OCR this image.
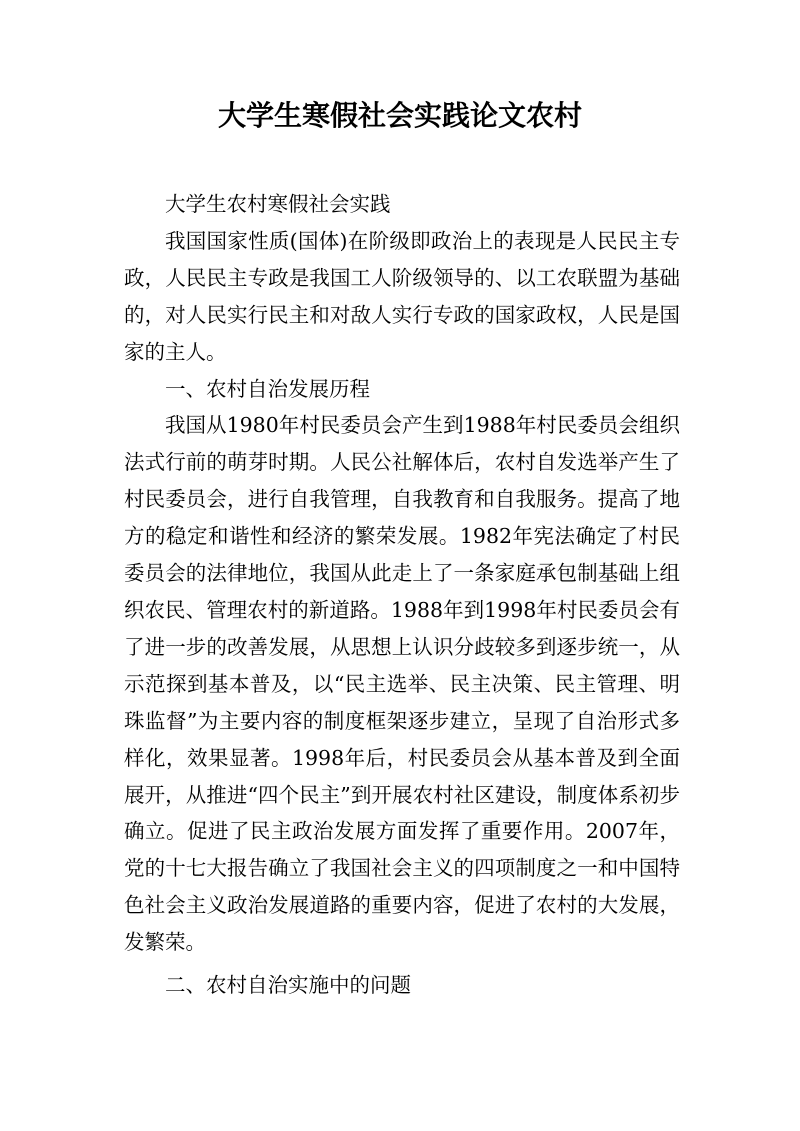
大学生寒假社会实践论文农村

大学生农村寒假社会实践

我国国家性质(国体)在阶级即政治上的表现是人民民主专政，人民民主专政是我国工人阶级领导的、以工农联盟为基础的，对人民实行民主和对敌人实行专政的国家政权，人民是国家的主人。

一、农村自治发展历程

我国从1980年村民委员会产生到1988年村民委员会组织法式行前的萌芽时期。人民公社解体后，农村自发选举产生了村民委员会，进行自我管理，自我教育和自我服务。提高了地方的稳定和谐性和经济的繁荣发展。1982年宪法确定了村民委员会的法律地位，我国从此走上了一条家庭承包制基础上组织农民、管理农村的新道路。1988年到1998年村民委员会有了进一步的改善发展，从思想上认识分歧较多到逐步统一，从示范探到基本普及，以“民主选举、民主决策、民主管理、明珠监督”为主要内容的制度框架逐步建立，呈现了自治形式多样化，效果显著。1998年后，村民委员会从基本普及到全面展开，从推进“四个民主”到开展农村社区建设，制度体系初步确立。促进了民主政治发展方面发挥了重要作用。2007年，党的十七大报告确立了我国社会主义的四项制度之一和中国特色社会主义政治发展道路的重要内容，促进了农村的大发展，发繁荣。

二、农村自治实施中的问题
